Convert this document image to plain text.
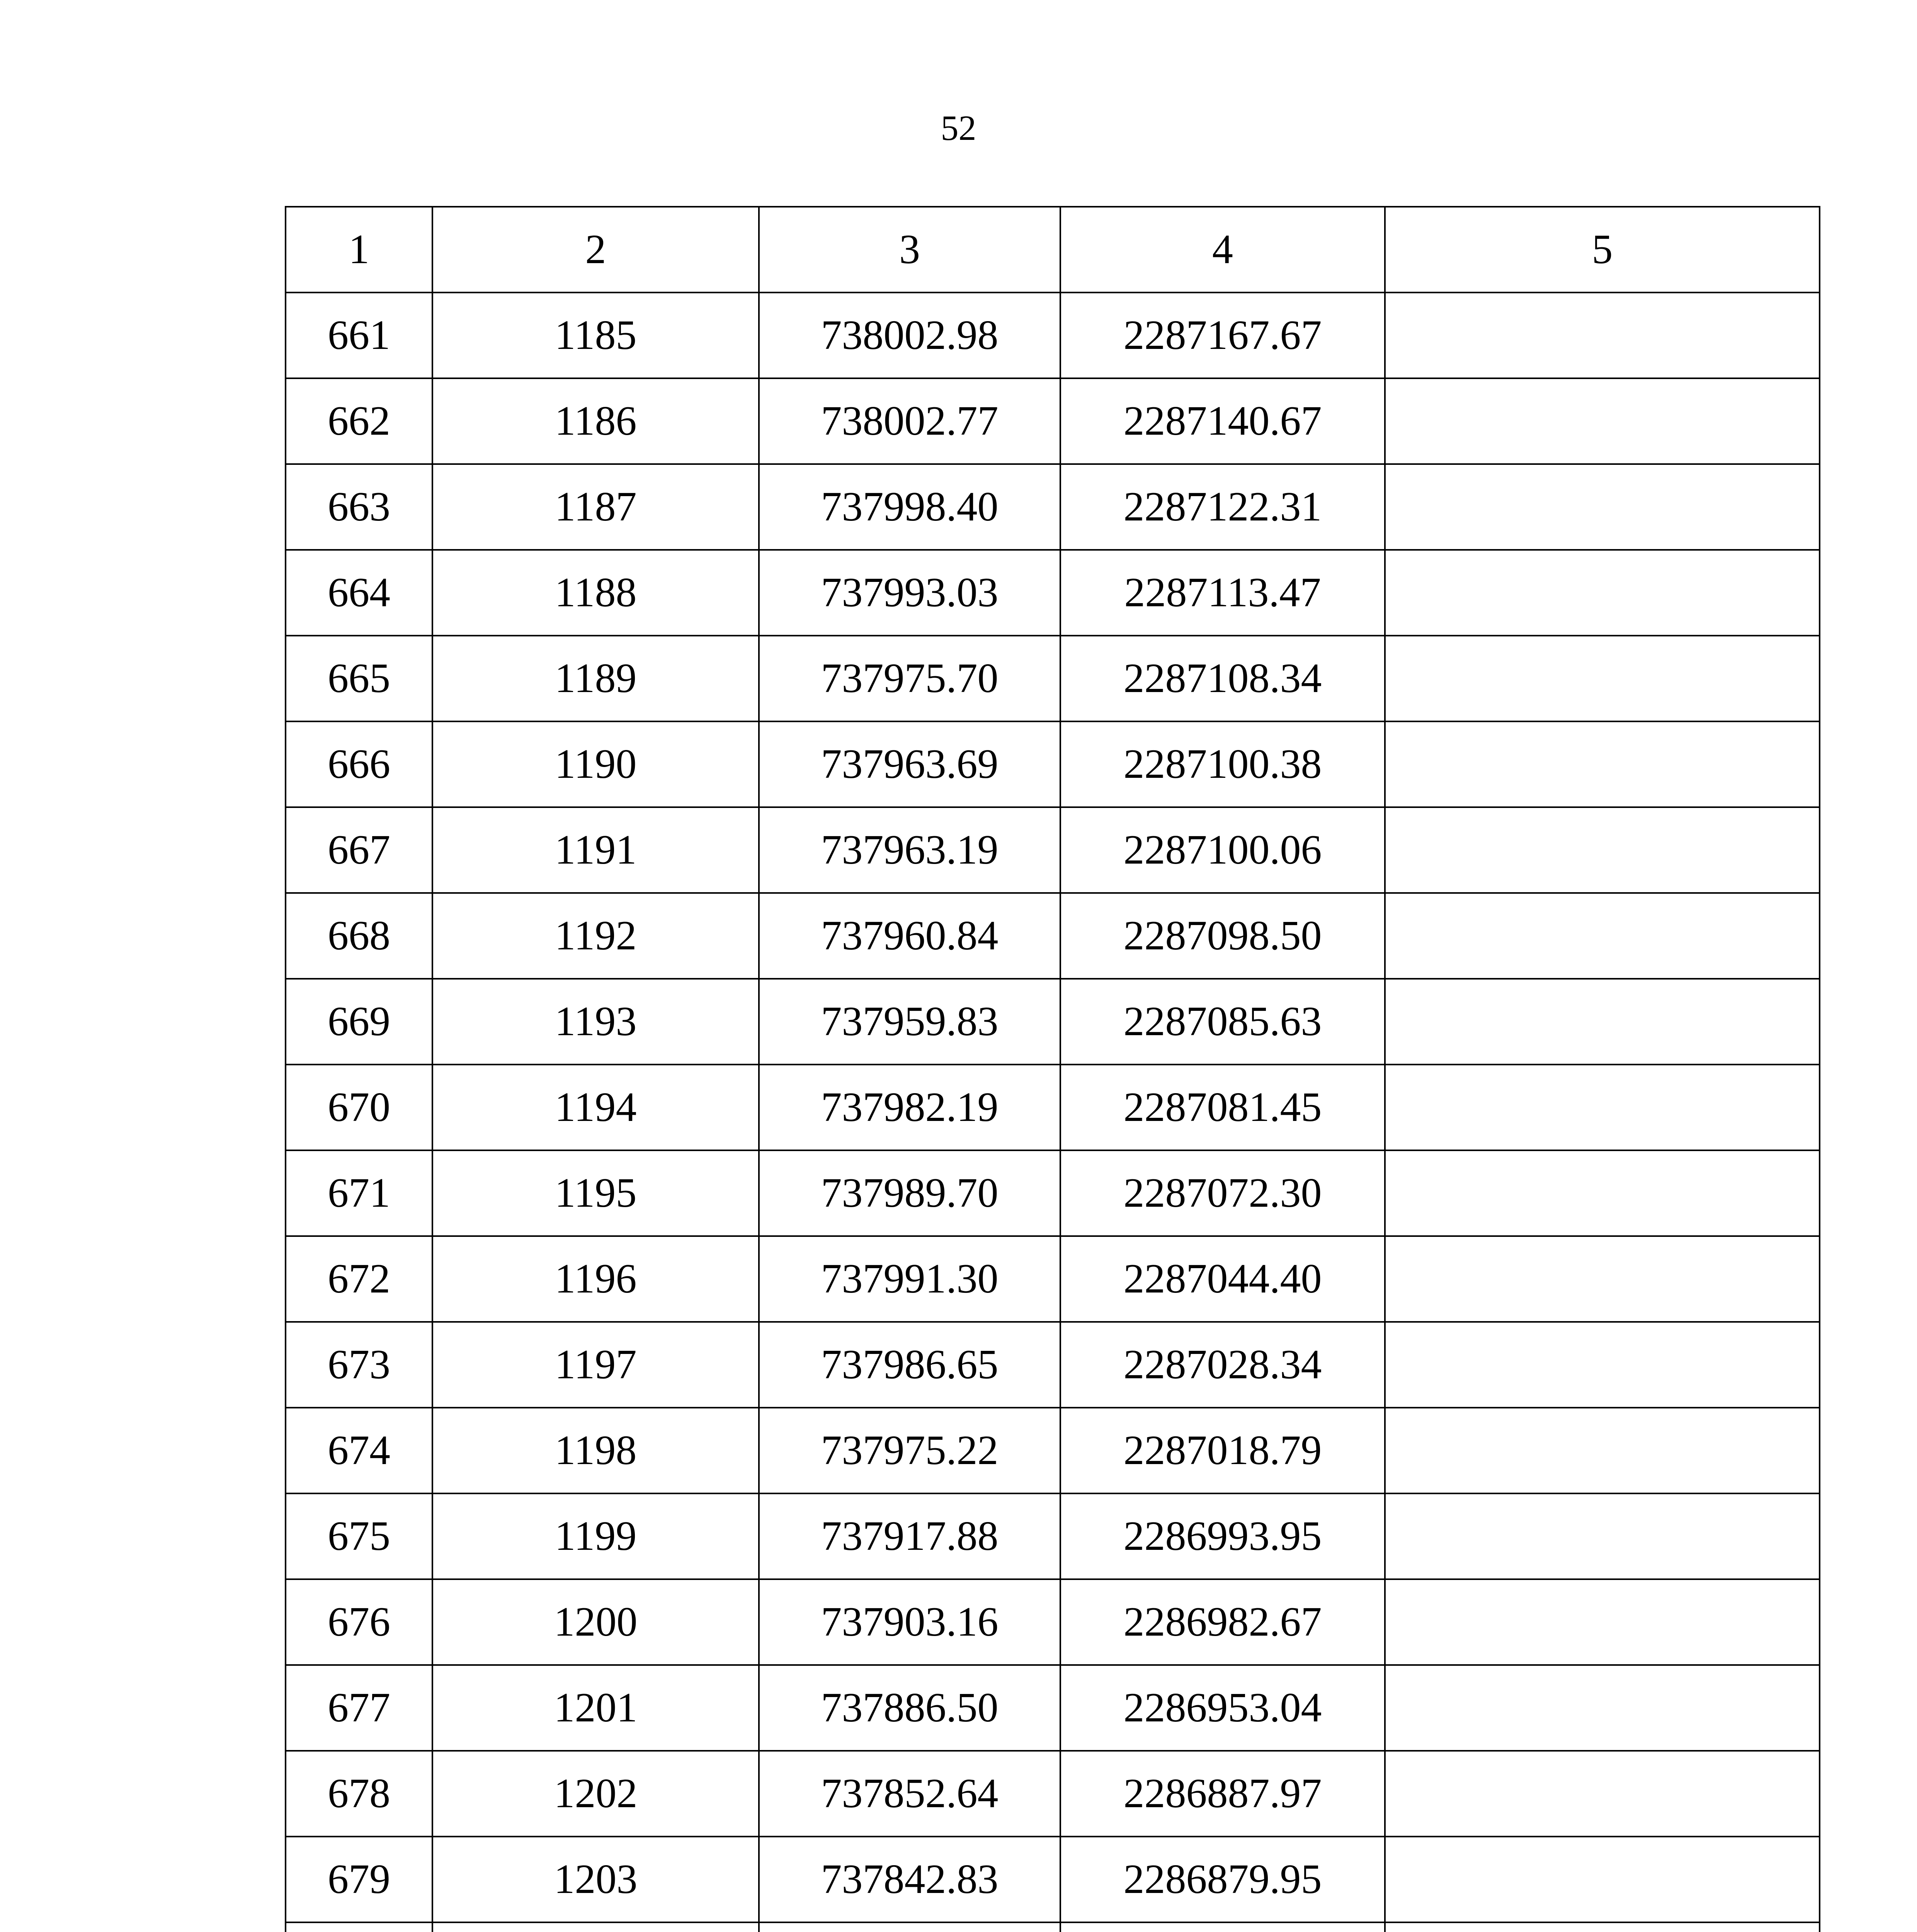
52
1	2	3	4	5
661	1185	738002.98	2287167.67	
662	1186	738002.77	2287140.67	
663	1187	737998.40	2287122.31	
664	1188	737993.03	2287113.47	
665	1189	737975.70	2287108.34	
666	1190	737963.69	2287100.38	
667	1191	737963.19	2287100.06	
668	1192	737960.84	2287098.50	
669	1193	737959.83	2287085.63	
670	1194	737982.19	2287081.45	
671	1195	737989.70	2287072.30	
672	1196	737991.30	2287044.40	
673	1197	737986.65	2287028.34	
674	1198	737975.22	2287018.79	
675	1199	737917.88	2286993.95	
676	1200	737903.16	2286982.67	
677	1201	737886.50	2286953.04	
678	1202	737852.64	2286887.97	
679	1203	737842.83	2286879.95	
